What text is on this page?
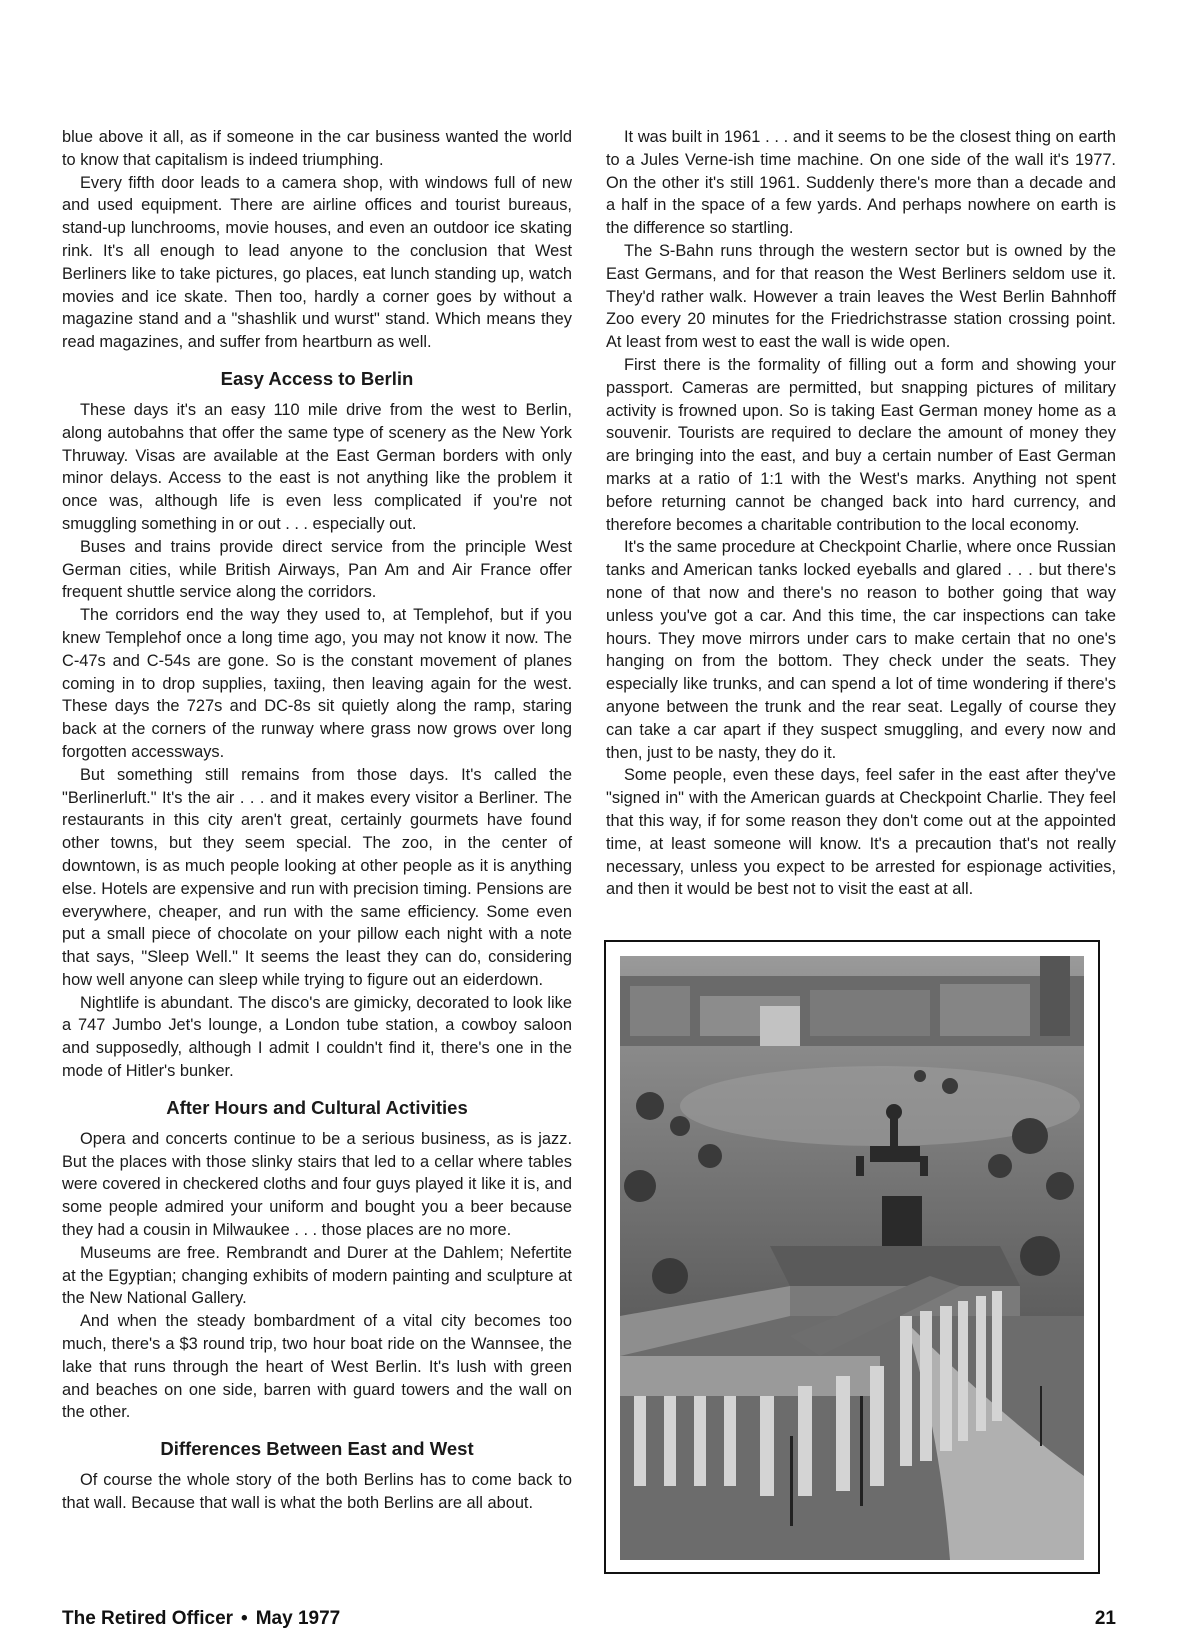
blue above it all, as if someone in the car business wanted the world to know that capitalism is indeed triumphing.

Every fifth door leads to a camera shop, with windows full of new and used equipment. There are airline offices and tourist bureaus, stand-up lunchrooms, movie houses, and even an outdoor ice skating rink. It's all enough to lead anyone to the conclusion that West Berliners like to take pictures, go places, eat lunch standing up, watch movies and ice skate. Then too, hardly a corner goes by without a magazine stand and a "shashlik und wurst" stand. Which means they read magazines, and suffer from heartburn as well.

Easy Access to Berlin

These days it's an easy 110 mile drive from the west to Berlin, along autobahns that offer the same type of scenery as the New York Thruway. Visas are available at the East German borders with only minor delays. Access to the east is not anything like the problem it once was, although life is even less complicated if you're not smuggling something in or out . . . especially out.

Buses and trains provide direct service from the principle West German cities, while British Airways, Pan Am and Air France offer frequent shuttle service along the corridors.

The corridors end the way they used to, at Templehof, but if you knew Templehof once a long time ago, you may not know it now. The C-47s and C-54s are gone. So is the constant movement of planes coming in to drop supplies, taxiing, then leaving again for the west. These days the 727s and DC-8s sit quietly along the ramp, staring back at the corners of the runway where grass now grows over long forgotten accessways.

But something still remains from those days. It's called the "Berlinerluft." It's the air . . . and it makes every visitor a Berliner. The restaurants in this city aren't great, certainly gourmets have found other towns, but they seem special. The zoo, in the center of downtown, is as much people looking at other people as it is anything else. Hotels are expensive and run with precision timing. Pensions are everywhere, cheaper, and run with the same efficiency. Some even put a small piece of chocolate on your pillow each night with a note that says, "Sleep Well." It seems the least they can do, considering how well anyone can sleep while trying to figure out an eiderdown.

Nightlife is abundant. The disco's are gimicky, decorated to look like a 747 Jumbo Jet's lounge, a London tube station, a cowboy saloon and supposedly, although I admit I couldn't find it, there's one in the mode of Hitler's bunker.

After Hours and Cultural Activities

Opera and concerts continue to be a serious business, as is jazz. But the places with those slinky stairs that led to a cellar where tables were covered in checkered cloths and four guys played it like it is, and some people admired your uniform and bought you a beer because they had a cousin in Milwaukee . . . those places are no more.

Museums are free. Rembrandt and Durer at the Dahlem; Nefertite at the Egyptian; changing exhibits of modern painting and sculpture at the New National Gallery.

And when the steady bombardment of a vital city becomes too much, there's a $3 round trip, two hour boat ride on the Wannsee, the lake that runs through the heart of West Berlin. It's lush with green and beaches on one side, barren with guard towers and the wall on the other.

Differences Between East and West

Of course the whole story of the both Berlins has to come back to that wall. Because that wall is what the both Berlins are all about.

It was built in 1961 . . . and it seems to be the closest thing on earth to a Jules Verne-ish time machine. On one side of the wall it's 1977. On the other it's still 1961. Suddenly there's more than a decade and a half in the space of a few yards. And perhaps nowhere on earth is the difference so startling.

The S-Bahn runs through the western sector but is owned by the East Germans, and for that reason the West Berliners seldom use it. They'd rather walk. However a train leaves the West Berlin Bahnhoff Zoo every 20 minutes for the Friedrichstrasse station crossing point. At least from west to east the wall is wide open.

First there is the formality of filling out a form and showing your passport. Cameras are permitted, but snapping pictures of military activity is frowned upon. So is taking East German money home as a souvenir. Tourists are required to declare the amount of money they are bringing into the east, and buy a certain number of East German marks at a ratio of 1:1 with the West's marks. Anything not spent before returning cannot be changed back into hard currency, and therefore becomes a charitable contribution to the local economy.

It's the same procedure at Checkpoint Charlie, where once Russian tanks and American tanks locked eyeballs and glared . . . but there's none of that now and there's no reason to bother going that way unless you've got a car. And this time, the car inspections can take hours. They move mirrors under cars to make certain that no one's hanging on from the bottom. They check under the seats. They especially like trunks, and can spend a lot of time wondering if there's anyone between the trunk and the rear seat. Legally of course they can take a car apart if they suspect smuggling, and every now and then, just to be nasty, they do it.

Some people, even these days, feel safer in the east after they've "signed in" with the American guards at Checkpoint Charlie. They feel that this way, if for some reason they don't come out at the appointed time, at least someone will know. It's a precaution that's not really necessary, unless you expect to be arrested for espionage activities, and then it would be best not to visit the east at all.

The Retired Officer • May 1977	21
